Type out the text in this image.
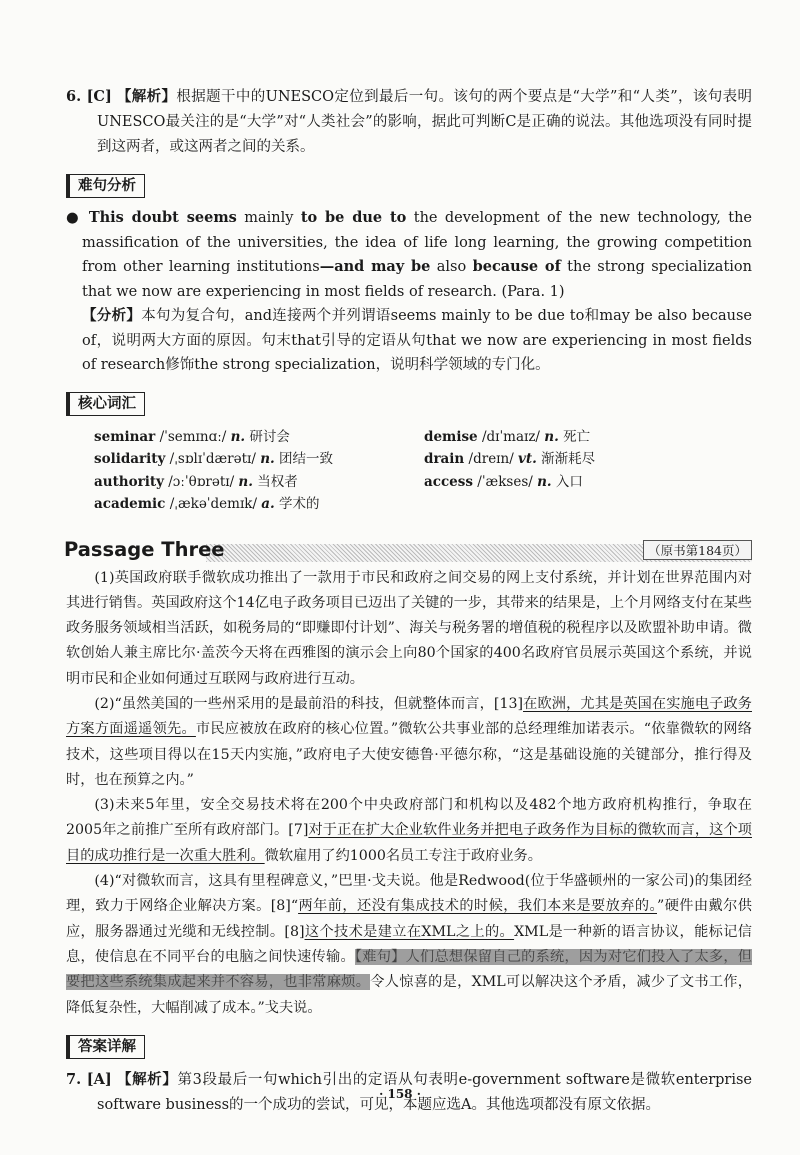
6. [C] 【解析】根据题干中的UNESCO定位到最后一句。该句的两个要点是“大学”和“人类”，该句表明UNESCO最关注的是“大学”对“人类社会”的影响，据此可判断C是正确的说法。其他选项没有同时提到这两者，或这两者之间的关系。

难句分析

● This doubt seems mainly to be due to the development of the new technology, the massification of the universities, the idea of life long learning, the growing competition from other learning institutions—and may be also because of the strong specialization that we now are experiencing in most fields of research. (Para. 1)

【分析】本句为复合句，and连接两个并列谓语seems mainly to be due to和may be also because of，说明两大方面的原因。句末that引导的定语从句that we now are experiencing in most fields of research修饰the strong specialization，说明科学领域的专门化。

核心词汇
seminar /ˈsemɪnɑː/ n. 研讨会	demise /dɪˈmaɪz/ n. 死亡
solidarity /ˌsɒlɪˈdærətɪ/ n. 团结一致	drain /dreɪn/ vt. 渐渐耗尽
authority /ɔːˈθɒrətɪ/ n. 当权者	access /ˈækses/ n. 入口
academic /ˌækəˈdemɪk/ a. 学术的
Passage Three	（原书第184页）

(1)英国政府联手微软成功推出了一款用于市民和政府之间交易的网上支付系统，并计划在世界范围内对其进行销售。英国政府这个14亿电子政务项目已迈出了关键的一步，其带来的结果是，上个月网络支付在某些政务服务领域相当活跃，如税务局的“即赚即付计划”、海关与税务署的增值税的税程序以及欧盟补助申请。微软创始人兼主席比尔·盖茨今天将在西雅图的演示会上向80个国家的400名政府官员展示英国这个系统，并说明市民和企业如何通过互联网与政府进行互动。

(2)“虽然美国的一些州采用的是最前沿的科技，但就整体而言，[13]在欧洲，尤其是英国在实施电子政务方案方面遥遥领先。市民应被放在政府的核心位置。”微软公共事业部的总经理维加诺表示。“依靠微软的网络技术，这些项目得以在15天内实施，”政府电子大使安德鲁·平德尔称，“这是基础设施的关键部分，推行得及时，也在预算之内。”

(3)未来5年里，安全交易技术将在200个中央政府部门和机构以及482个地方政府机构推行，争取在2005年之前推广至所有政府部门。[7]对于正在扩大企业软件业务并把电子政务作为目标的微软而言，这个项目的成功推行是一次重大胜利。微软雇用了约1000名员工专注于政府业务。

(4)“对微软而言，这具有里程碑意义，”巴里·戈夫说。他是Redwood(位于华盛顿州的一家公司)的集团经理，致力于网络企业解决方案。[8]“两年前，还没有集成技术的时候，我们本来是要放弃的。”硬件由戴尔供应，服务器通过光缆和无线控制。[8]这个技术是建立在XML之上的。XML是一种新的语言协议，能标记信息，使信息在不同平台的电脑之间快速传输。【难句】人们总想保留自己的系统，因为对它们投入了太多，但要把这些系统集成起来并不容易，也非常麻烦。令人惊喜的是，XML可以解决这个矛盾，减少了文书工作，降低复杂性，大幅削减了成本。”戈夫说。

答案详解

7. [A] 【解析】第3段最后一句which引出的定语从句表明e-government software是微软enterprise software business的一个成功的尝试，可见，本题应选A。其他选项都没有原文依据。

· 158 ·
